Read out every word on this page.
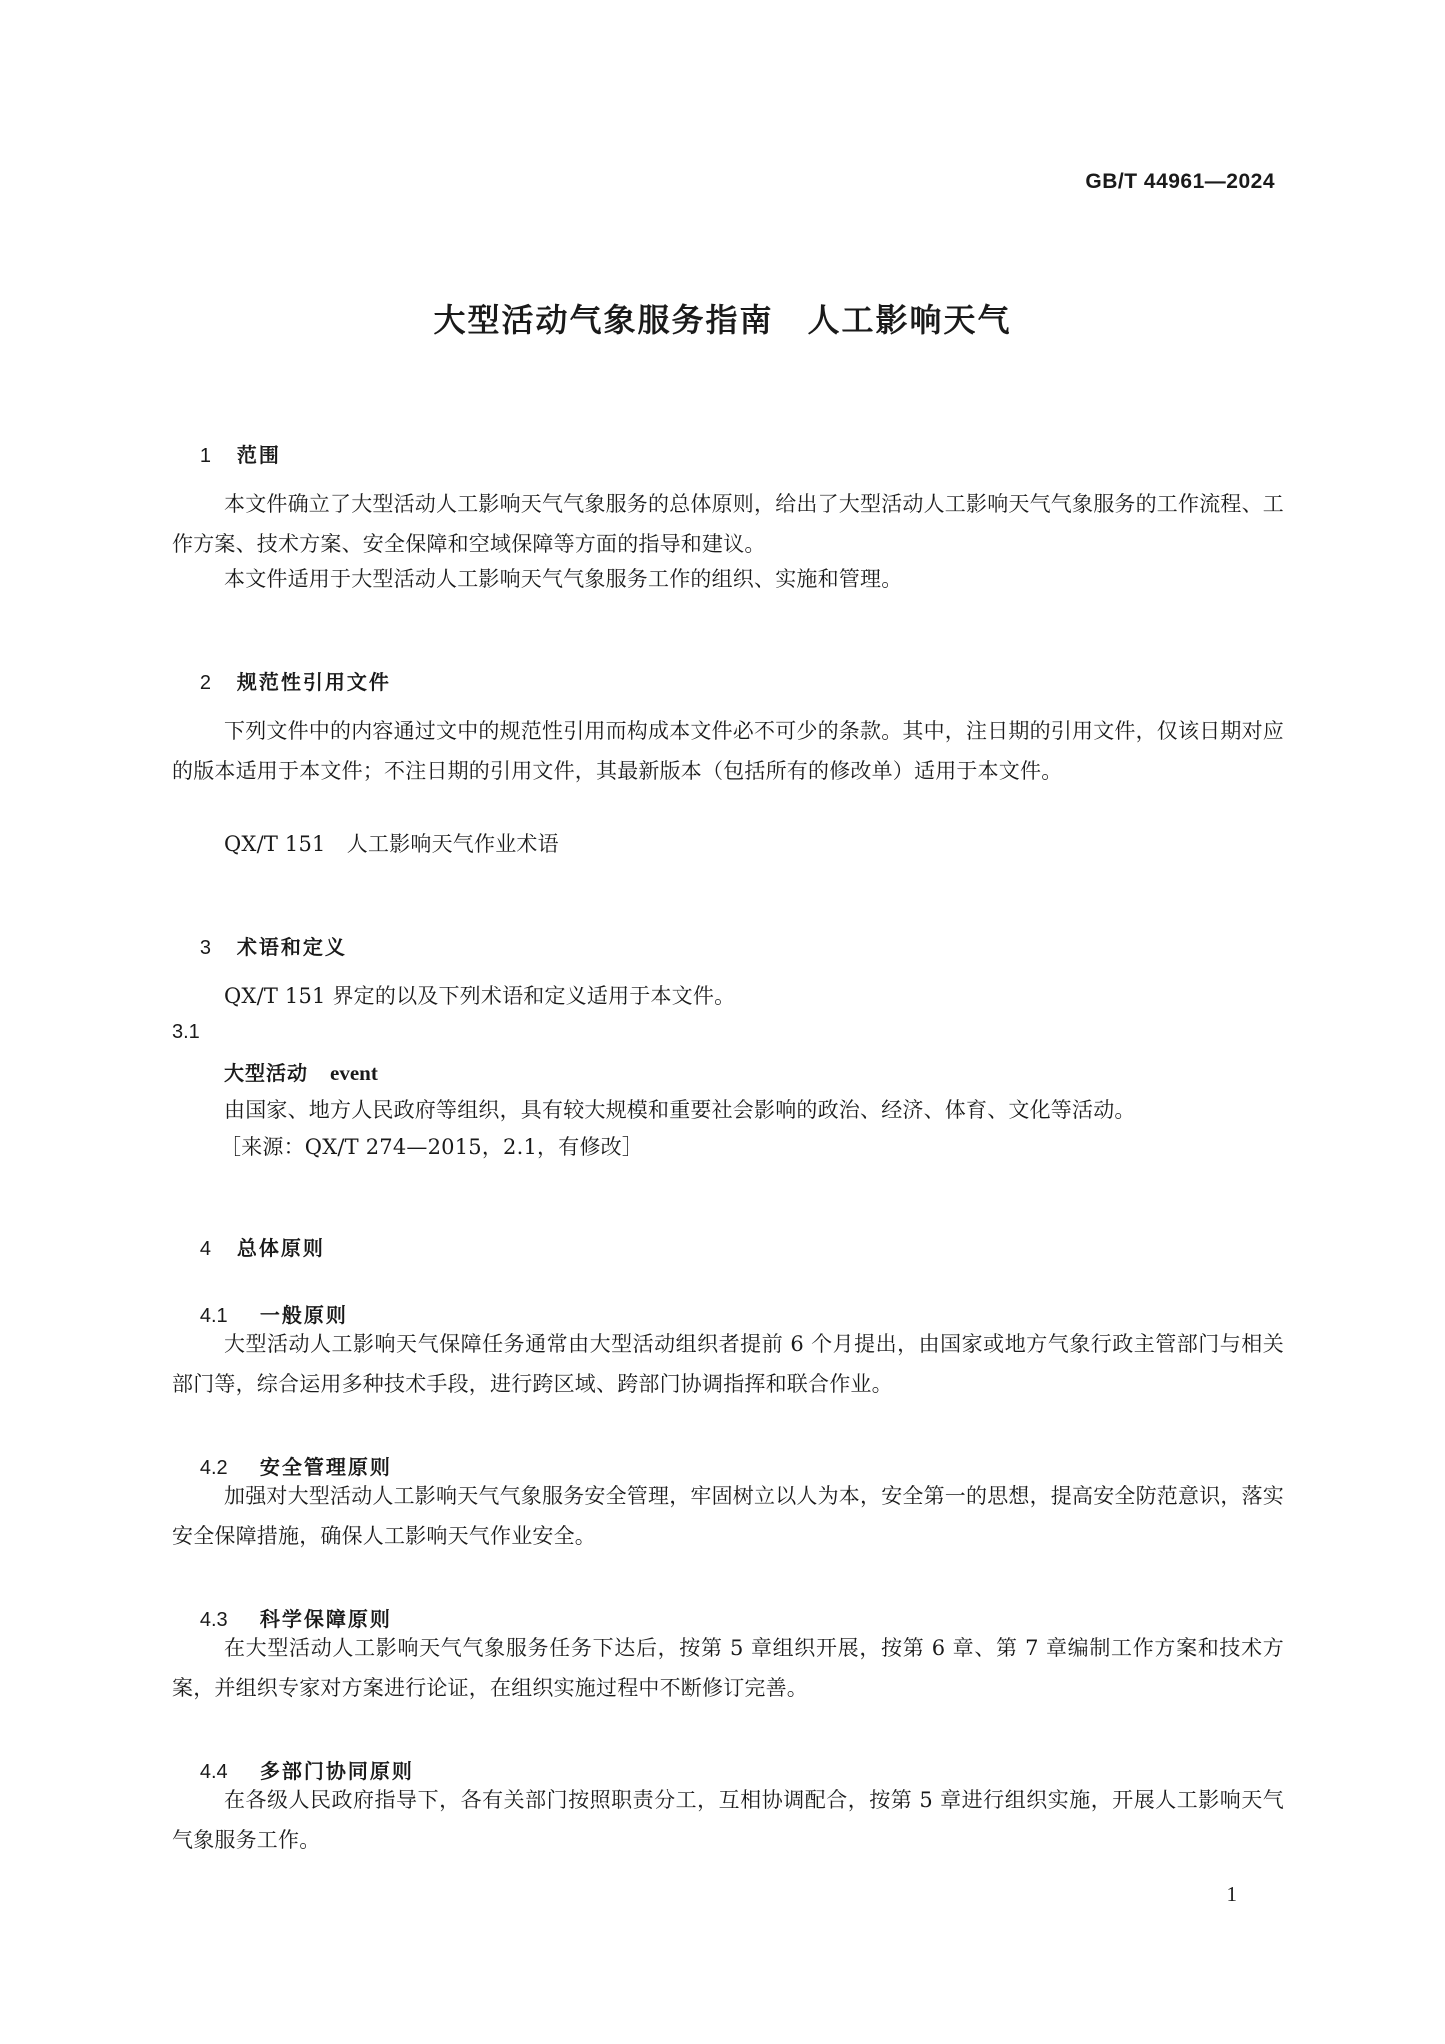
GB/T 44961—2024
大型活动气象服务指南　人工影响天气

1 范围

本文件确立了大型活动人工影响天气气象服务的总体原则，给出了大型活动人工影响天气气象服务的工作流程、工作方案、技术方案、安全保障和空域保障等方面的指导和建议。
本文件适用于大型活动人工影响天气气象服务工作的组织、实施和管理。

2 规范性引用文件

下列文件中的内容通过文中的规范性引用而构成本文件必不可少的条款。其中，注日期的引用文件，仅该日期对应的版本适用于本文件；不注日期的引用文件，其最新版本（包括所有的修改单）适用于本文件。
QX/T 151　人工影响天气作业术语

3 术语和定义

QX/T 151 界定的以及下列术语和定义适用于本文件。
3.1
大型活动 event
由国家、地方人民政府等组织，具有较大规模和重要社会影响的政治、经济、体育、文化等活动。
［来源：QX/T 274—2015，2.1，有修改］

4 总体原则

4.1 一般原则

大型活动人工影响天气保障任务通常由大型活动组织者提前 6 个月提出，由国家或地方气象行政主管部门与相关部门等，综合运用多种技术手段，进行跨区域、跨部门协调指挥和联合作业。

4.2 安全管理原则

加强对大型活动人工影响天气气象服务安全管理，牢固树立以人为本，安全第一的思想，提高安全防范意识，落实安全保障措施，确保人工影响天气作业安全。

4.3 科学保障原则

在大型活动人工影响天气气象服务任务下达后，按第 5 章组织开展，按第 6 章、第 7 章编制工作方案和技术方案，并组织专家对方案进行论证，在组织实施过程中不断修订完善。

4.4 多部门协同原则

在各级人民政府指导下，各有关部门按照职责分工，互相协调配合，按第 5 章进行组织实施，开展人工影响天气气象服务工作。
1
